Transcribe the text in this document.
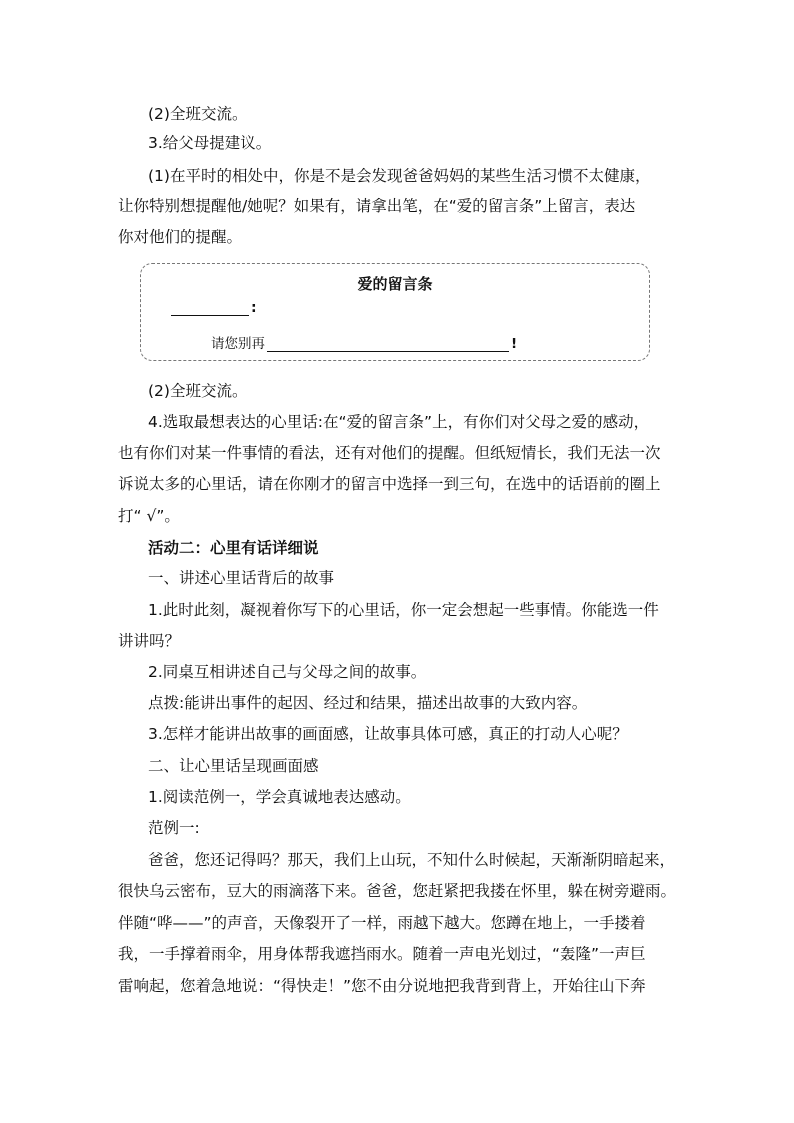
(2)全班交流。
3.给父母提建议。
(1)在平时的相处中，你是不是会发现爸爸妈妈的某些生活习惯不太健康，
让你特别想提醒他/她呢？如果有，请拿出笔，在“爱的留言条”上留言，表达
你对他们的提醒。
爱的留言条
:
请您别再	!
(2)全班交流。
4.选取最想表达的心里话:在“爱的留言条”上，有你们对父母之爱的感动，
也有你们对某一件事情的看法，还有对他们的提醒。但纸短情长，我们无法一次
诉说太多的心里话，请在你刚才的留言中选择一到三句，在选中的话语前的圈上
打“ √”。
活动二：心里有话详细说
一、讲述心里话背后的故事
1.此时此刻，凝视着你写下的心里话，你一定会想起一些事情。你能选一件
讲讲吗？
2.同桌互相讲述自己与父母之间的故事。
点拨:能讲出事件的起因、经过和结果，描述出故事的大致内容。
3.怎样才能讲出故事的画面感，让故事具体可感，真正的打动人心呢？
二、让心里话呈现画面感
1.阅读范例一，学会真诚地表达感动。
范例一:
爸爸，您还记得吗？那天，我们上山玩，不知什么时候起，天渐渐阴暗起来，
很快乌云密布，豆大的雨滴落下来。爸爸，您赶紧把我搂在怀里，躲在树旁避雨。
伴随“哗——”的声音，天像裂开了一样，雨越下越大。您蹲在地上，一手搂着
我，一手撑着雨伞，用身体帮我遮挡雨水。随着一声电光划过，“轰隆”一声巨
雷响起，您着急地说：“得快走！”您不由分说地把我背到背上，开始往山下奔
